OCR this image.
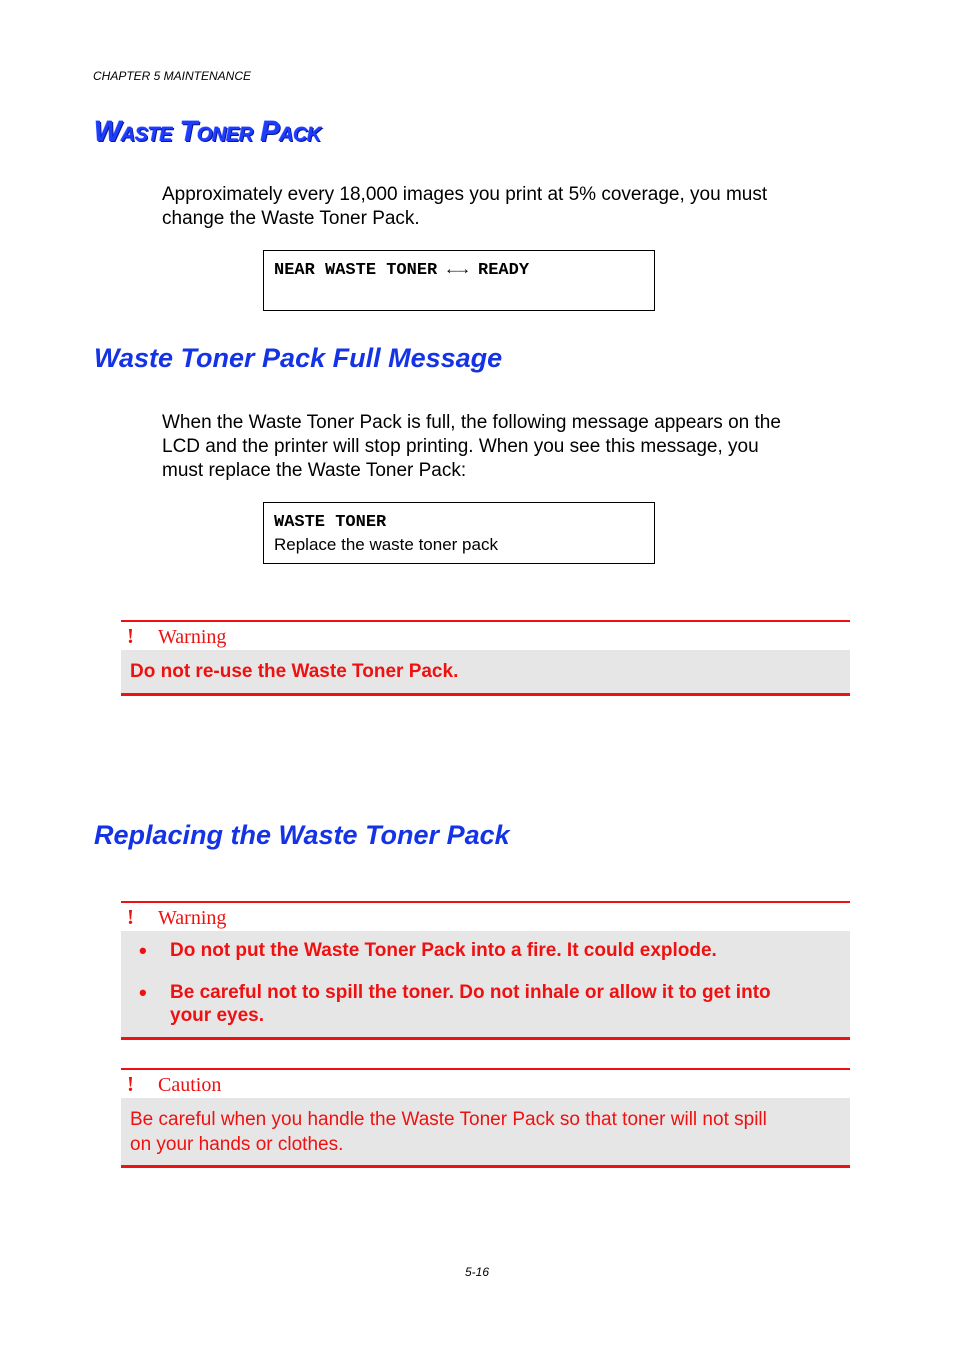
CHAPTER 5 MAINTENANCE
Waste Toner Pack
Approximately every 18,000 images you print at 5% coverage, you must
change the Waste Toner Pack.
NEAR WASTE TONER ←→ READY
Waste Toner Pack Full Message
When the Waste Toner Pack is full, the following message appears on the
LCD and the printer will stop printing. When you see this message, you
must replace the Waste Toner Pack:
WASTE TONER
Replace the waste toner pack
! Warning
Do not re-use the Waste Toner Pack.
Replacing the Waste Toner Pack
! Warning
• Do not put the Waste Toner Pack into a fire. It could explode.
• Be careful not to spill the toner. Do not inhale or allow it to get into
your eyes.
! Caution
Be careful when you handle the Waste Toner Pack so that toner will not spill
on your hands or clothes.
5-16
